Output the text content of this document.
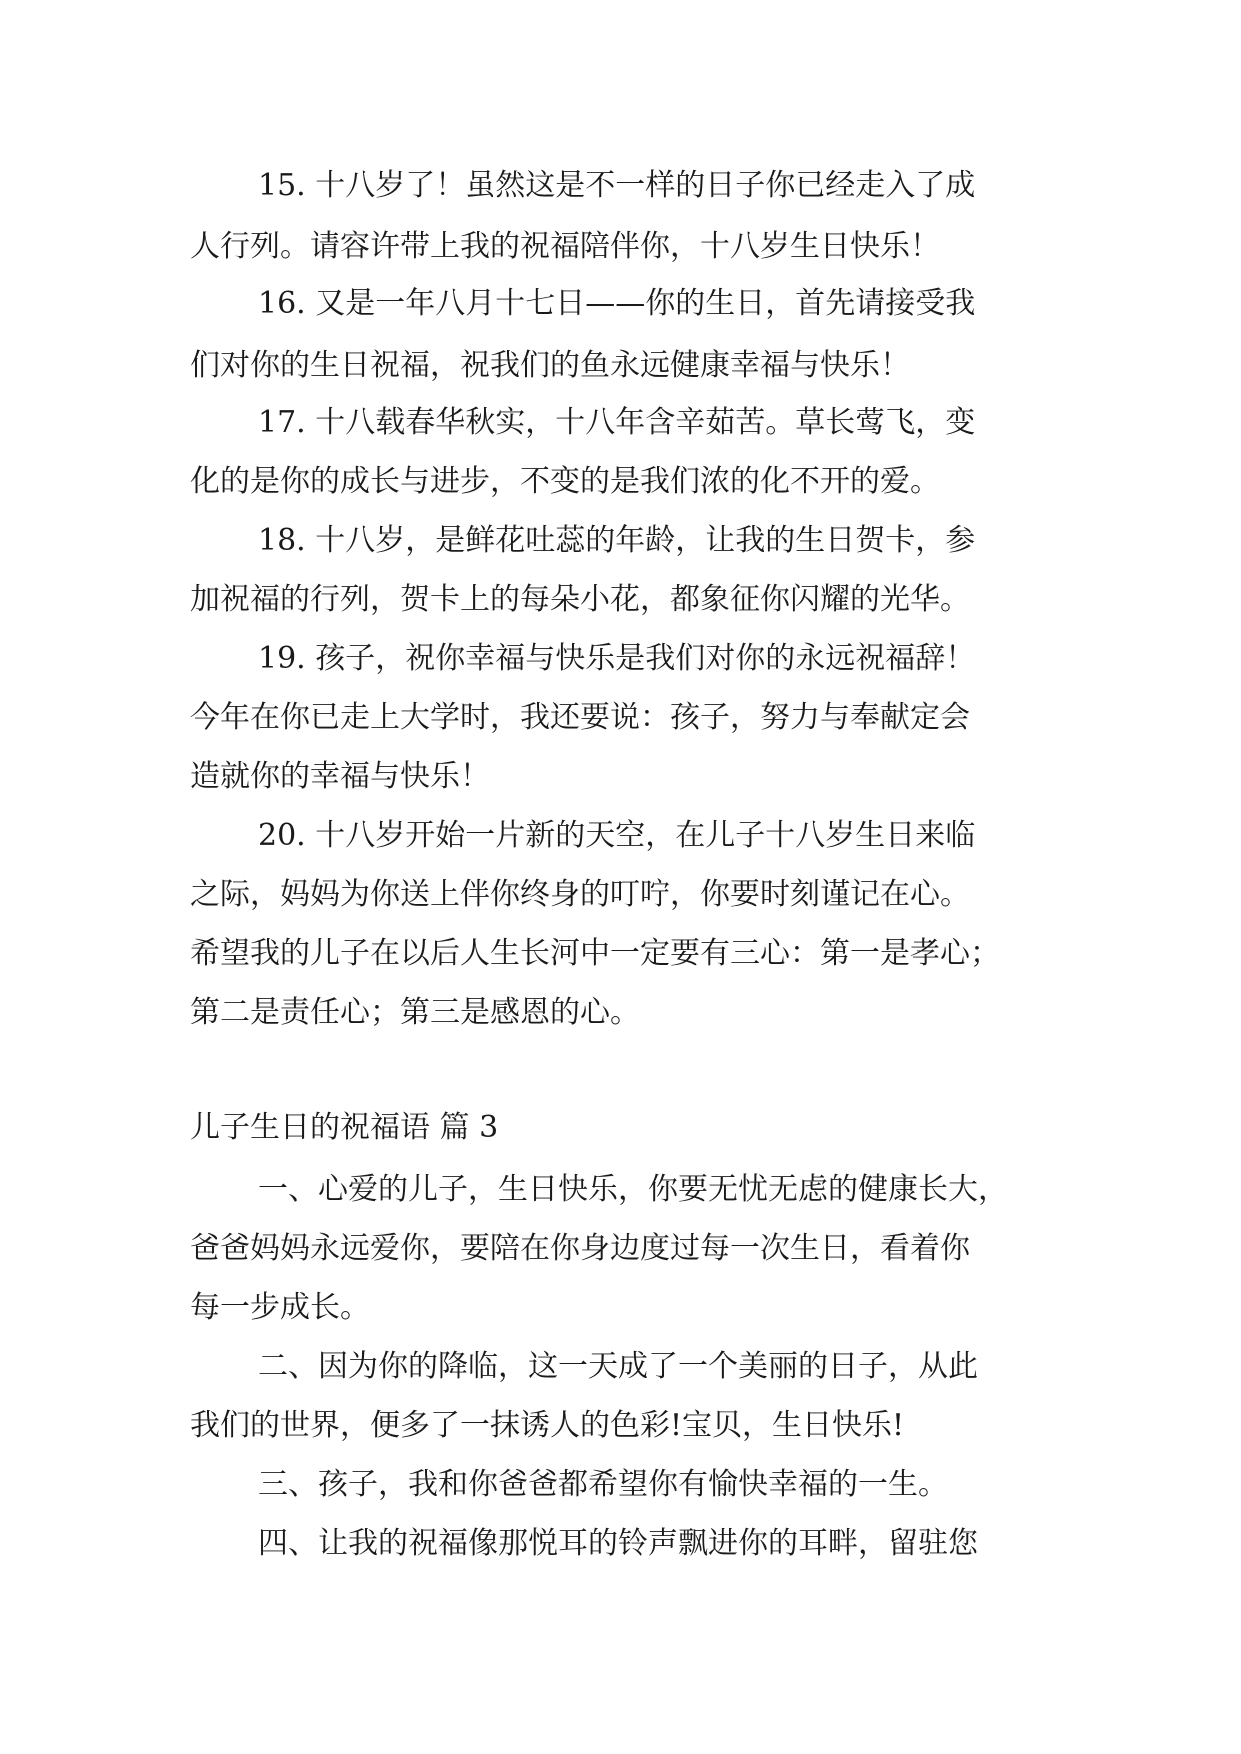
15. 十八岁了！虽然这是不一样的日子你已经走入了成
人行列。请容许带上我的祝福陪伴你，十八岁生日快乐！
16. 又是一年八月十七日——你的生日，首先请接受我
们对你的生日祝福，祝我们的鱼永远健康幸福与快乐！
17. 十八载春华秋实，十八年含辛茹苦。草长莺飞，变
化的是你的成长与进步，不变的是我们浓的化不开的爱。
18. 十八岁，是鲜花吐蕊的年龄，让我的生日贺卡，参
加祝福的行列，贺卡上的每朵小花，都象征你闪耀的光华。
19. 孩子，祝你幸福与快乐是我们对你的永远祝福辞！
今年在你已走上大学时，我还要说：孩子，努力与奉献定会
造就你的幸福与快乐！
20. 十八岁开始一片新的天空，在儿子十八岁生日来临
之际，妈妈为你送上伴你终身的叮咛，你要时刻谨记在心。
希望我的儿子在以后人生长河中一定要有三心：第一是孝心；
第二是责任心；第三是感恩的心。
儿子生日的祝福语 篇 3
一、心爱的儿子，生日快乐，你要无忧无虑的健康长大，
爸爸妈妈永远爱你，要陪在你身边度过每一次生日，看着你
每一步成长。
二、因为你的降临，这一天成了一个美丽的日子，从此
我们的世界，便多了一抹诱人的色彩!宝贝，生日快乐!
三、孩子，我和你爸爸都希望你有愉快幸福的一生。
四、让我的祝福像那悦耳的铃声飘进你的耳畔，留驻您
